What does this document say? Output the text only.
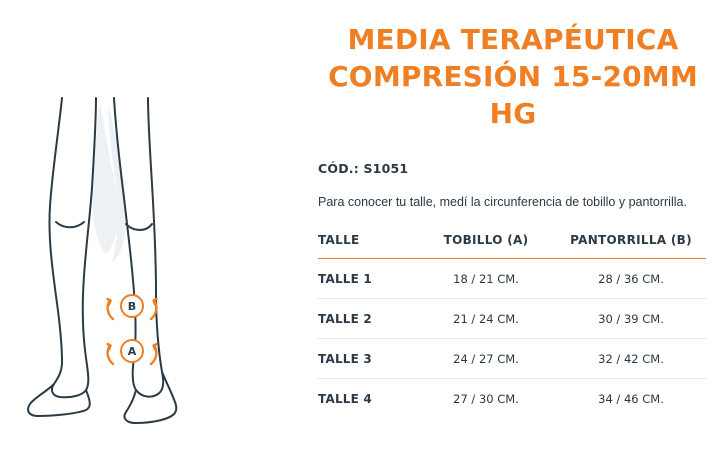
B
A
MEDIA TERAPÉUTICA
COMPRESIÓN 15-20MM HG
CÓD.: S1051
Para conocer tu talle, medí la circunferencia de tobillo y pantorrilla.
TALLE	TOBILLO (A)	PANTORRILLA (B)
TALLE 1	18 / 21 CM.	28 / 36 CM.
TALLE 2	21 / 24 CM.	30 / 39 CM.
TALLE 3	24 / 27 CM.	32 / 42 CM.
TALLE 4	27 / 30 CM.	34 / 46 CM.
